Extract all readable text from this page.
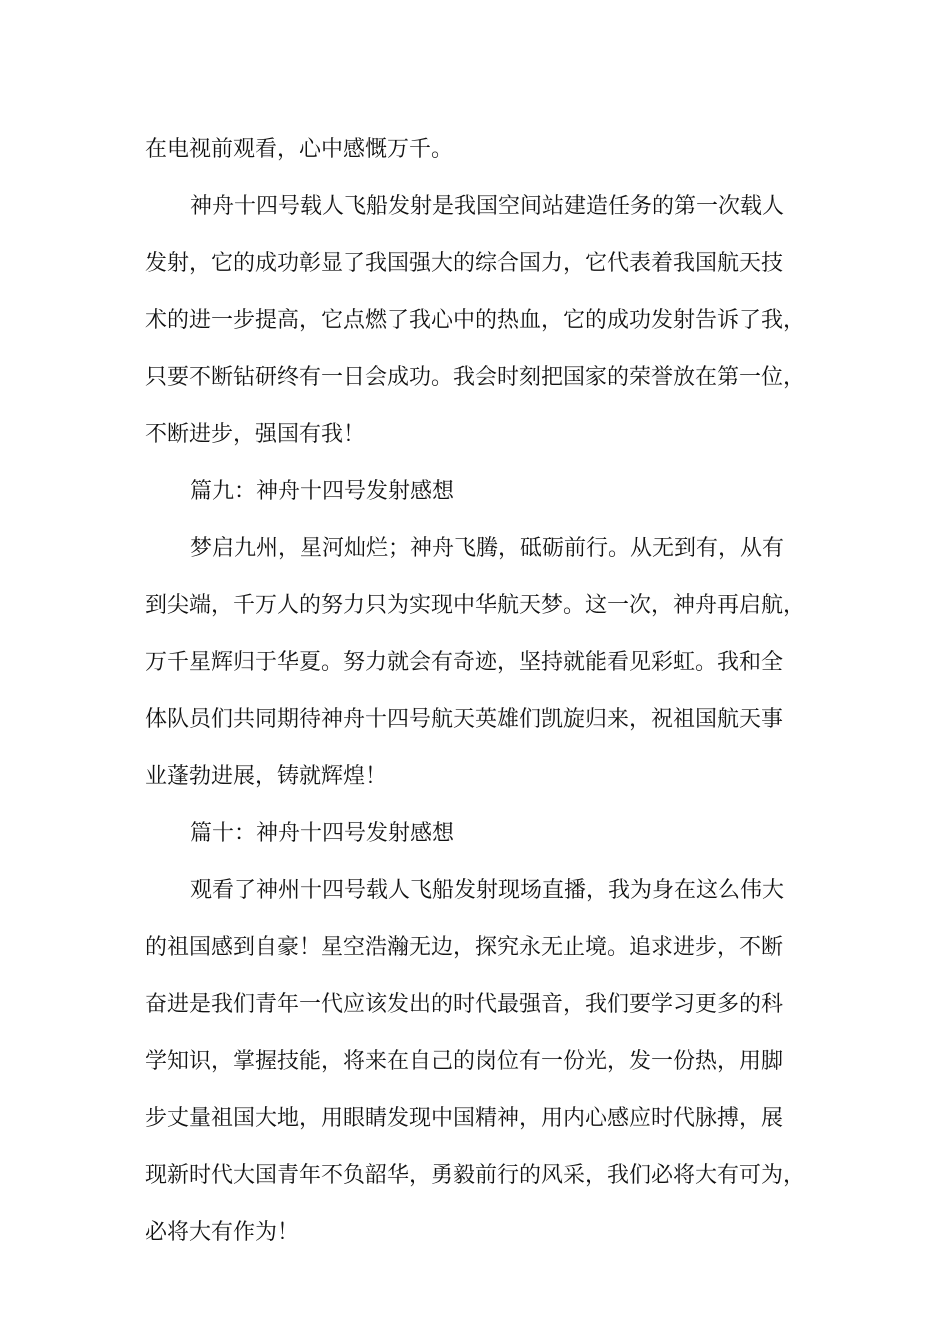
在电视前观看，心中感慨万千。
神舟十四号载人飞船发射是我国空间站建造任务的第一次载人
发射，它的成功彰显了我国强大的综合国力，它代表着我国航天技
术的进一步提高，它点燃了我心中的热血，它的成功发射告诉了我，
只要不断钻研终有一日会成功。我会时刻把国家的荣誉放在第一位，
不断进步，强国有我！
篇九：神舟十四号发射感想
梦启九州，星河灿烂；神舟飞腾，砥砺前行。从无到有，从有
到尖端，千万人的努力只为实现中华航天梦。这一次，神舟再启航，
万千星辉归于华夏。努力就会有奇迹，坚持就能看见彩虹。我和全
体队员们共同期待神舟十四号航天英雄们凯旋归来，祝祖国航天事
业蓬勃进展，铸就辉煌！
篇十：神舟十四号发射感想
观看了神州十四号载人飞船发射现场直播，我为身在这么伟大
的祖国感到自豪！星空浩瀚无边，探究永无止境。追求进步，不断
奋进是我们青年一代应该发出的时代最强音，我们要学习更多的科
学知识，掌握技能，将来在自己的岗位有一份光，发一份热，用脚
步丈量祖国大地，用眼睛发现中国精神，用内心感应时代脉搏，展
现新时代大国青年不负韶华，勇毅前行的风采，我们必将大有可为，
必将大有作为！
